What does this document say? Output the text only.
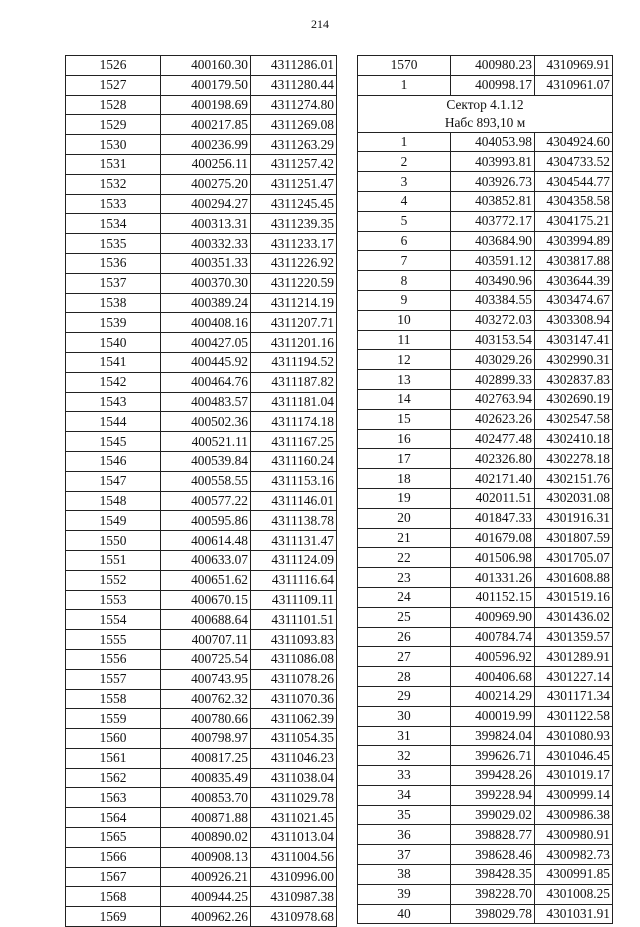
214
1526	400160.30	4311286.01
1527	400179.50	4311280.44
1528	400198.69	4311274.80
1529	400217.85	4311269.08
1530	400236.99	4311263.29
1531	400256.11	4311257.42
1532	400275.20	4311251.47
1533	400294.27	4311245.45
1534	400313.31	4311239.35
1535	400332.33	4311233.17
1536	400351.33	4311226.92
1537	400370.30	4311220.59
1538	400389.24	4311214.19
1539	400408.16	4311207.71
1540	400427.05	4311201.16
1541	400445.92	4311194.52
1542	400464.76	4311187.82
1543	400483.57	4311181.04
1544	400502.36	4311174.18
1545	400521.11	4311167.25
1546	400539.84	4311160.24
1547	400558.55	4311153.16
1548	400577.22	4311146.01
1549	400595.86	4311138.78
1550	400614.48	4311131.47
1551	400633.07	4311124.09
1552	400651.62	4311116.64
1553	400670.15	4311109.11
1554	400688.64	4311101.51
1555	400707.11	4311093.83
1556	400725.54	4311086.08
1557	400743.95	4311078.26
1558	400762.32	4311070.36
1559	400780.66	4311062.39
1560	400798.97	4311054.35
1561	400817.25	4311046.23
1562	400835.49	4311038.04
1563	400853.70	4311029.78
1564	400871.88	4311021.45
1565	400890.02	4311013.04
1566	400908.13	4311004.56
1567	400926.21	4310996.00
1568	400944.25	4310987.38
1569	400962.26	4310978.68
1570	400980.23	4310969.91
1	400998.17	4310961.07

Сектор 4.1.12
Набс 893,10 м		

1	404053.98	4304924.60
2	403993.81	4304733.52
3	403926.73	4304544.77
4	403852.81	4304358.58
5	403772.17	4304175.21
6	403684.90	4303994.89
7	403591.12	4303817.88
8	403490.96	4303644.39
9	403384.55	4303474.67
10	403272.03	4303308.94
11	403153.54	4303147.41
12	403029.26	4302990.31
13	402899.33	4302837.83
14	402763.94	4302690.19
15	402623.26	4302547.58
16	402477.48	4302410.18
17	402326.80	4302278.18
18	402171.40	4302151.76
19	402011.51	4302031.08
20	401847.33	4301916.31
21	401679.08	4301807.59
22	401506.98	4301705.07
23	401331.26	4301608.88
24	401152.15	4301519.16
25	400969.90	4301436.02
26	400784.74	4301359.57
27	400596.92	4301289.91
28	400406.68	4301227.14
29	400214.29	4301171.34
30	400019.99	4301122.58
31	399824.04	4301080.93
32	399626.71	4301046.45
33	399428.26	4301019.17
34	399228.94	4300999.14
35	399029.02	4300986.38
36	398828.77	4300980.91
37	398628.46	4300982.73
38	398428.35	4300991.85
39	398228.70	4301008.25
40	398029.78	4301031.91
